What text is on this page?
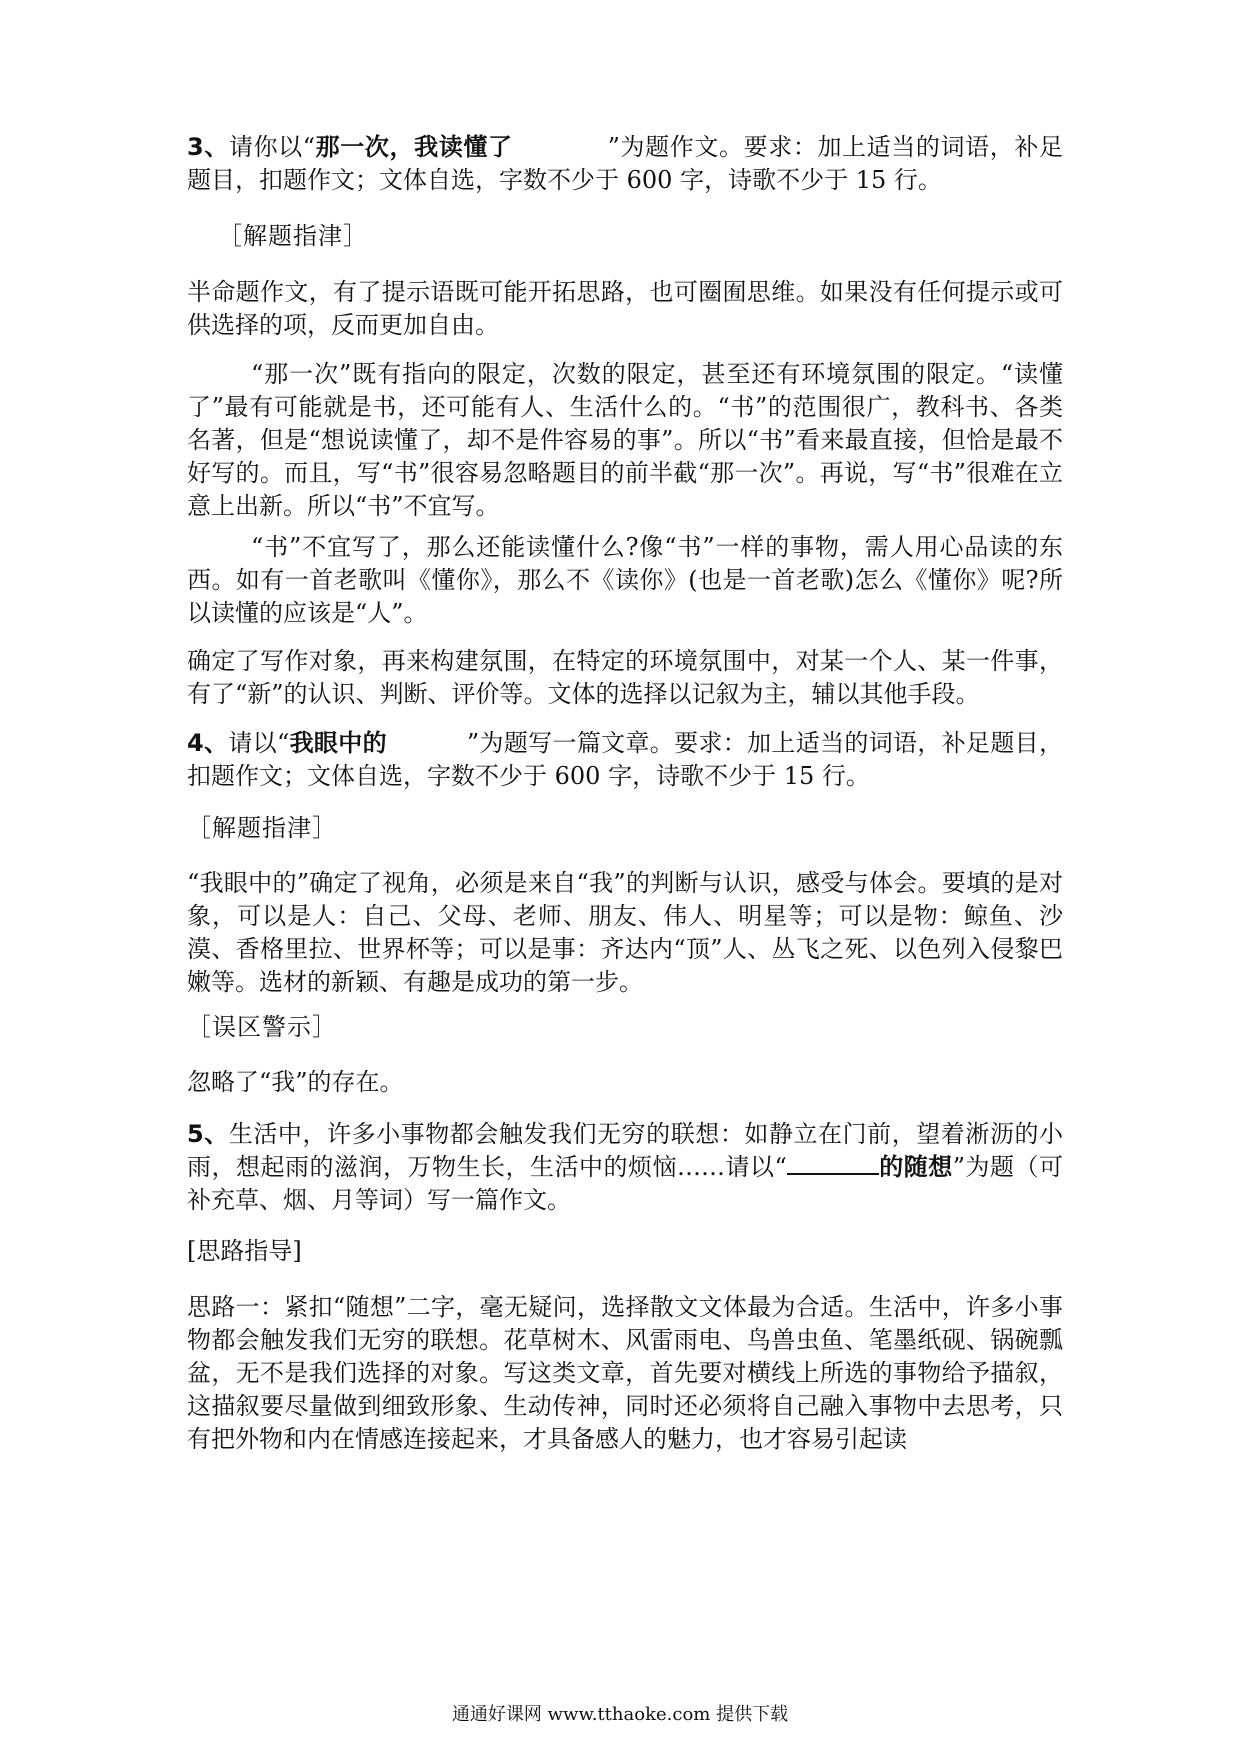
3、请你以“那一次，我读懂了	”为题作文。要求：加上适当的词语，补足题目，扣题作文；文体自选，字数不少于 600 字，诗歌不少于 15 行。

［解题指津］

半命题作文，有了提示语既可能开拓思路，也可圈囿思维。如果没有任何提示或可供选择的项，反而更加自由。

“那一次”既有指向的限定，次数的限定，甚至还有环境氛围的限定。“读懂了”最有可能就是书，还可能有人、生活什么的。“书”的范围很广，教科书、各类名著，但是“想说读懂了，却不是件容易的事”。所以“书”看来最直接，但恰是最不好写的。而且，写“书”很容易忽略题目的前半截“那一次”。再说，写“书”很难在立意上出新。所以“书”不宜写。

“书”不宜写了，那么还能读懂什么?像“书”一样的事物，需人用心品读的东西。如有一首老歌叫《懂你》，那么不《读你》(也是一首老歌)怎么《懂你》呢?所以读懂的应该是“人”。

确定了写作对象，再来构建氛围，在特定的环境氛围中，对某一个人、某一件事，有了“新”的认识、判断、评价等。文体的选择以记叙为主，辅以其他手段。

4、请以“我眼中的	”为题写一篇文章。要求：加上适当的词语，补足题目，扣题作文；文体自选，字数不少于 600 字，诗歌不少于 15 行。

［解题指津］

“我眼中的”确定了视角，必须是来自“我”的判断与认识，感受与体会。要填的是对象，可以是人：自己、父母、老师、朋友、伟人、明星等；可以是物：鲸鱼、沙漠、香格里拉、世界杯等；可以是事：齐达内“顶”人、丛飞之死、以色列入侵黎巴嫩等。选材的新颖、有趣是成功的第一步。

［误区警示］

忽略了“我”的存在。

5、生活中，许多小事物都会触发我们无穷的联想：如静立在门前，望着淅沥的小雨，想起雨的滋润，万物生长，生活中的烦恼……请以“	的随想”为题（可补充草、烟、月等词）写一篇作文。

[思路指导]

思路一：紧扣“随想”二字，毫无疑问，选择散文文体最为合适。生活中，许多小事物都会触发我们无穷的联想。花草树木、风雷雨电、鸟兽虫鱼、笔墨纸砚、锅碗瓢盆，无不是我们选择的对象。写这类文章，首先要对横线上所选的事物给予描叙，这描叙要尽量做到细致形象、生动传神，同时还必须将自己融入事物中去思考，只有把外物和内在情感连接起来，才具备感人的魅力，也才容易引起读

通通好课网 www.tthaoke.com 提供下载
